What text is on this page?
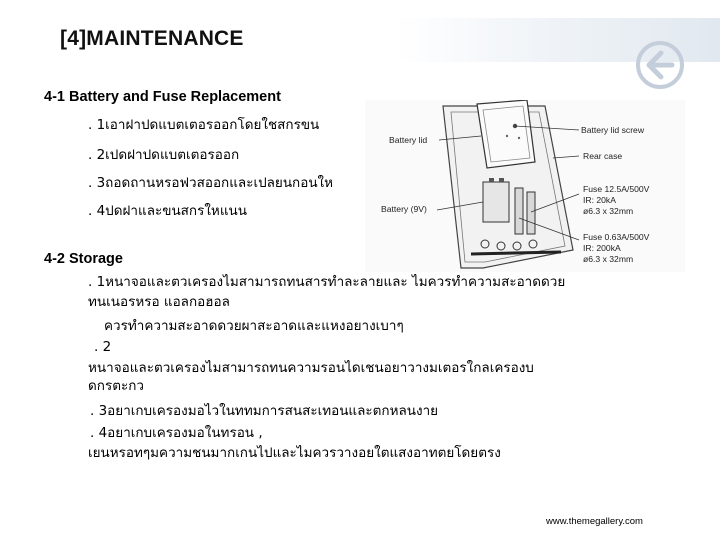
[4]MAINTENANCE
4-1 Battery and Fuse Replacement
. 1เอาฝาปดแบตเตอรออกโดยใชสกรขน
. 2เปดฝาปดแบตเตอรออก
. 3ถอดถานหรอฟวสออกและเปลยนกอนให
. 4ปดฝาและขนสกรใหแนน
Battery lid
Battery (9V)
Battery lid screw
Rear case
Fuse 12.5A/500V
IR: 20kA
ø6.3 x 32mm
Fuse 0.63A/500V
IR: 200kA
ø6.3 x 32mm
4-2 Storage
. 1หนาจอและตวเครองไมสามารถทนสารทำละลายและ ไมควรทำความสะอาดดวย
ทนเนอรหรอ แอลกอฮอล
ควรทำความสะอาดดวยผาสะอาดและแหงอยางเบาๆ
. 2
หนาจอและตวเครองไมสามารถทนความรอนไดเชนอยาวางมเตอรใกลเครองบ
ดกรตะกว
. 3อยาเกบเครองมอไวในททมการสนสะเทอนและตกหลนงาย
. 4อยาเกบเครองมอในทรอน ,
เยนหรอทๆมความชนมากเกนไปและไมควรวางอยใตแสงอาทตยโดยตรง
www.themegallery.com
